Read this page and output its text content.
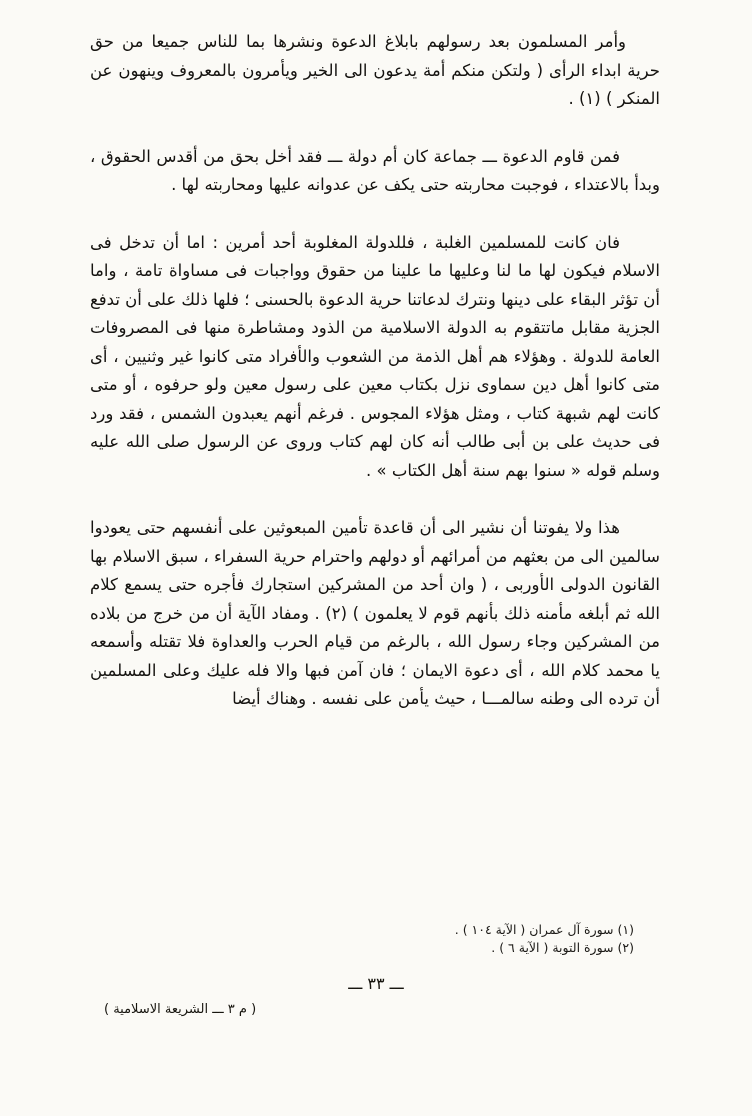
وأمر المسلمون بعد رسولهم بابلاغ الدعوة ونشرها بما للناس جميعا من حق حرية ابداء الرأى ( ولتكن منكم أمة يدعون الى الخير ويأمرون بالمعروف وينهون عن المنكر ) (١) .

فمن قاوم الدعوة ـــ جماعة كان أم دولة ـــ فقد أخل بحق من أقدس الحقوق ، وبدأ بالاعتداء ، فوجبت محاربته حتى يكف عن عدوانه عليها ومحاربته لها .

فان كانت للمسلمين الغلبة ، فللدولة المغلوبة أحد أمرين : اما أن تدخل فى الاسلام فيكون لها ما لنا وعليها ما علينا من حقوق وواجبات فى مساواة تامة ، واما أن تؤثر البقاء على دينها ونترك لدعاتنا حرية الدعوة بالحسنى ؛ فلها ذلك على أن تدفع الجزية مقابل ماتتقوم به الدولة الاسلامية من الذود ومشاطرة منها فى المصروفات العامة للدولة . وهؤلاء هم أهل الذمة من الشعوب والأفراد متى كانوا غير وثنيين ، أى متى كانوا أهل دين سماوى نزل بكتاب معين على رسول معين ولو حرفوه ، أو متى كانت لهم شبهة كتاب ، ومثل هؤلاء المجوس . فرغم أنهم يعبدون الشمس ، فقد ورد فى حديث على بن أبى طالب أنه كان لهم كتاب وروى عن الرسول صلى الله عليه وسلم قوله « سنوا بهم سنة أهل الكتاب » .

هذا ولا يفوتنا أن نشير الى أن قاعدة تأمين المبعوثين على أنفسهم حتى يعودوا سالمين الى من بعثهم من أمرائهم أو دولهم واحترام حرية السفراء ، سبق الاسلام بها القانون الدولى الأوربى ، ( وان أحد من المشركين استجارك فأجره حتى يسمع كلام الله ثم أبلغه مأمنه ذلك بأنهم قوم لا يعلمون ) (٢) . ومفاد الآية أن من خرج من بلاده من المشركين وجاء رسول الله ، بالرغم من قيام الحرب والعداوة فلا تقتله وأسمعه يا محمد كلام الله ، أى دعوة الايمان ؛ فان آمن فبها والا فله عليك وعلى المسلمين أن ترده الى وطنه سالمـــا ، حيث يأمن على نفسه . وهناك أيضا

(١) سورة آل عمران ( الآية ١٠٤ ) .
(٢) سورة التوبة ( الآية ٦ ) .
ـــ ٣٣ ـــ
( م ٣ ـــ الشريعة الاسلامية )
